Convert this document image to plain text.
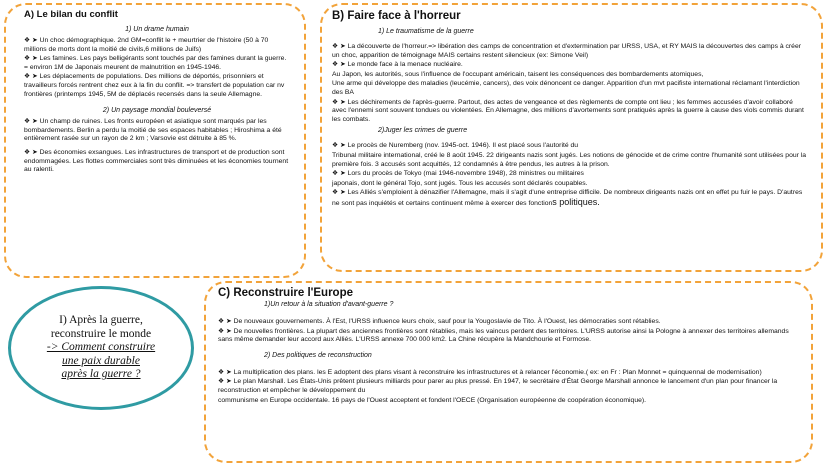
A) Le bilan du conflit
1) Un drame humain
❖ ➤ Un choc démographique. 2nd GM=conflit le + meurtrier de l'histoire (50 à 70 millions de morts dont la moitié de civils,6 millions de Juifs)
❖ ➤ Les famines. Les pays belligérants sont touchés par des famines durant la guerre. = environ 1M de Japonais meurent de malnutrition en 1945-1946.
❖ ➤ Les déplacements de populations. Des millions de déportés, prisonniers et travailleurs forcés rentrent chez eux à la fin du conflit. => transfert de population car nv frontières (printemps 1945, 5M de déplacés recensés dans la seule Allemagne.
2) Un paysage mondial bouleversé
❖ ➤ Un champ de ruines. Les fronts européen et asiatique sont marqués par les bombardements. Berlin a perdu la moitié de ses espaces habitables ; Hiroshima a été entièrement rasée sur un rayon de 2 km ; Varsovie est détruite à 85 %.
❖ ➤ Des économies exsangues. Les infrastructures de transport et de production sont endommagées. Les flottes commerciales sont très diminuées et les économies tournent au ralenti.
B) Faire face à l'horreur
1) Le traumatisme de la guerre
❖ ➤ La découverte de l'horreur.=> libération des camps de concentration et d'extermination par URSS, USA, et RY MAIS la découvertes des camps à créer un choc, apparition de témoignage MAIS certains restent silencieux (ex: Simone Veil)
❖ ➤ Le monde face à la menace nucléaire.
Au Japon, les autorités, sous l'influence de l'occupant américain, taisent les conséquences des bombardements atomiques,
Une arme qui développe des maladies (leucémie, cancers), des voix dénoncent ce danger. Apparition d'un mvt pacifiste international réclamant l'interdiction des BA
❖ ➤ Les déchirements de l'après-guerre. Partout, des actes de vengeance et des règlements de compte ont lieu ; les femmes accusées d'avoir collaboré avec l'ennemi sont souvent tondues ou violentées. En Allemagne, des millions d'avortements sont pratiqués après la guerre à cause des viols commis durant les combats.
2)Juger les crimes de guerre
❖ ➤ Le procès de Nuremberg (nov. 1945-oct. 1946). Il est placé sous l'autorité du
Tribunal militaire international, créé le 8 août 1945. 22 dirigeants nazis sont jugés. Les notions de génocide et de crime contre l'humanité sont utilisées pour la première fois. 3 accusés sont acquittés, 12 condamnés à être pendus, les autres à la prison.
❖ ➤ Lors du procès de Tokyo (mai 1946-novembre 1948), 28 ministres ou militaires
japonais, dont le général Tojo, sont jugés. Tous les accusés sont déclarés coupables.
❖ ➤ Les Alliés s'emploient à dénazifier l'Allemagne, mais il s'agit d'une entreprise difficile. De nombreux dirigeants nazis ont en effet pu fuir le pays. D'autres ne sont pas inquiétés et certains continuent même à exercer des fonctions politiques.
I) Après la guerre,
reconstruire le monde
-> Comment construire
une paix durable
après la guerre ?
C) Reconstruire l'Europe
1)Un retour à la situation d'avant-guerre ?
❖ ➤ De nouveaux gouvernements. À l'Est, l'URSS influence leurs choix, sauf pour la Yougoslavie de Tito. À l'Ouest, les démocraties sont rétablies.
❖ ➤ De nouvelles frontières. La plupart des anciennes frontières sont rétablies, mais les vaincus perdent des territoires. L'URSS autorise ainsi la Pologne à annexer des territoires allemands sans même demander leur accord aux Alliés. L'URSS annexe 700 000 km2. La Chine récupère la Mandchourie et Formose.
2) Des politiques de reconstruction
❖ ➤ La multiplication des plans. les E adoptent des plans visant à reconstruire les infrastructures et à relancer l'économie.( ex: en Fr : Plan Monnet = quinquennal de modernisation)
❖ ➤ Le plan Marshall. Les États-Unis prêtent plusieurs milliards pour parer au plus pressé. En 1947, le secrétaire d'État George Marshall annonce le lancement d'un plan pour financer la reconstruction et empêcher le développement du
communisme en Europe occidentale. 16 pays de l'Ouest acceptent et fondent l'OECE (Organisation européenne de coopération économique).
